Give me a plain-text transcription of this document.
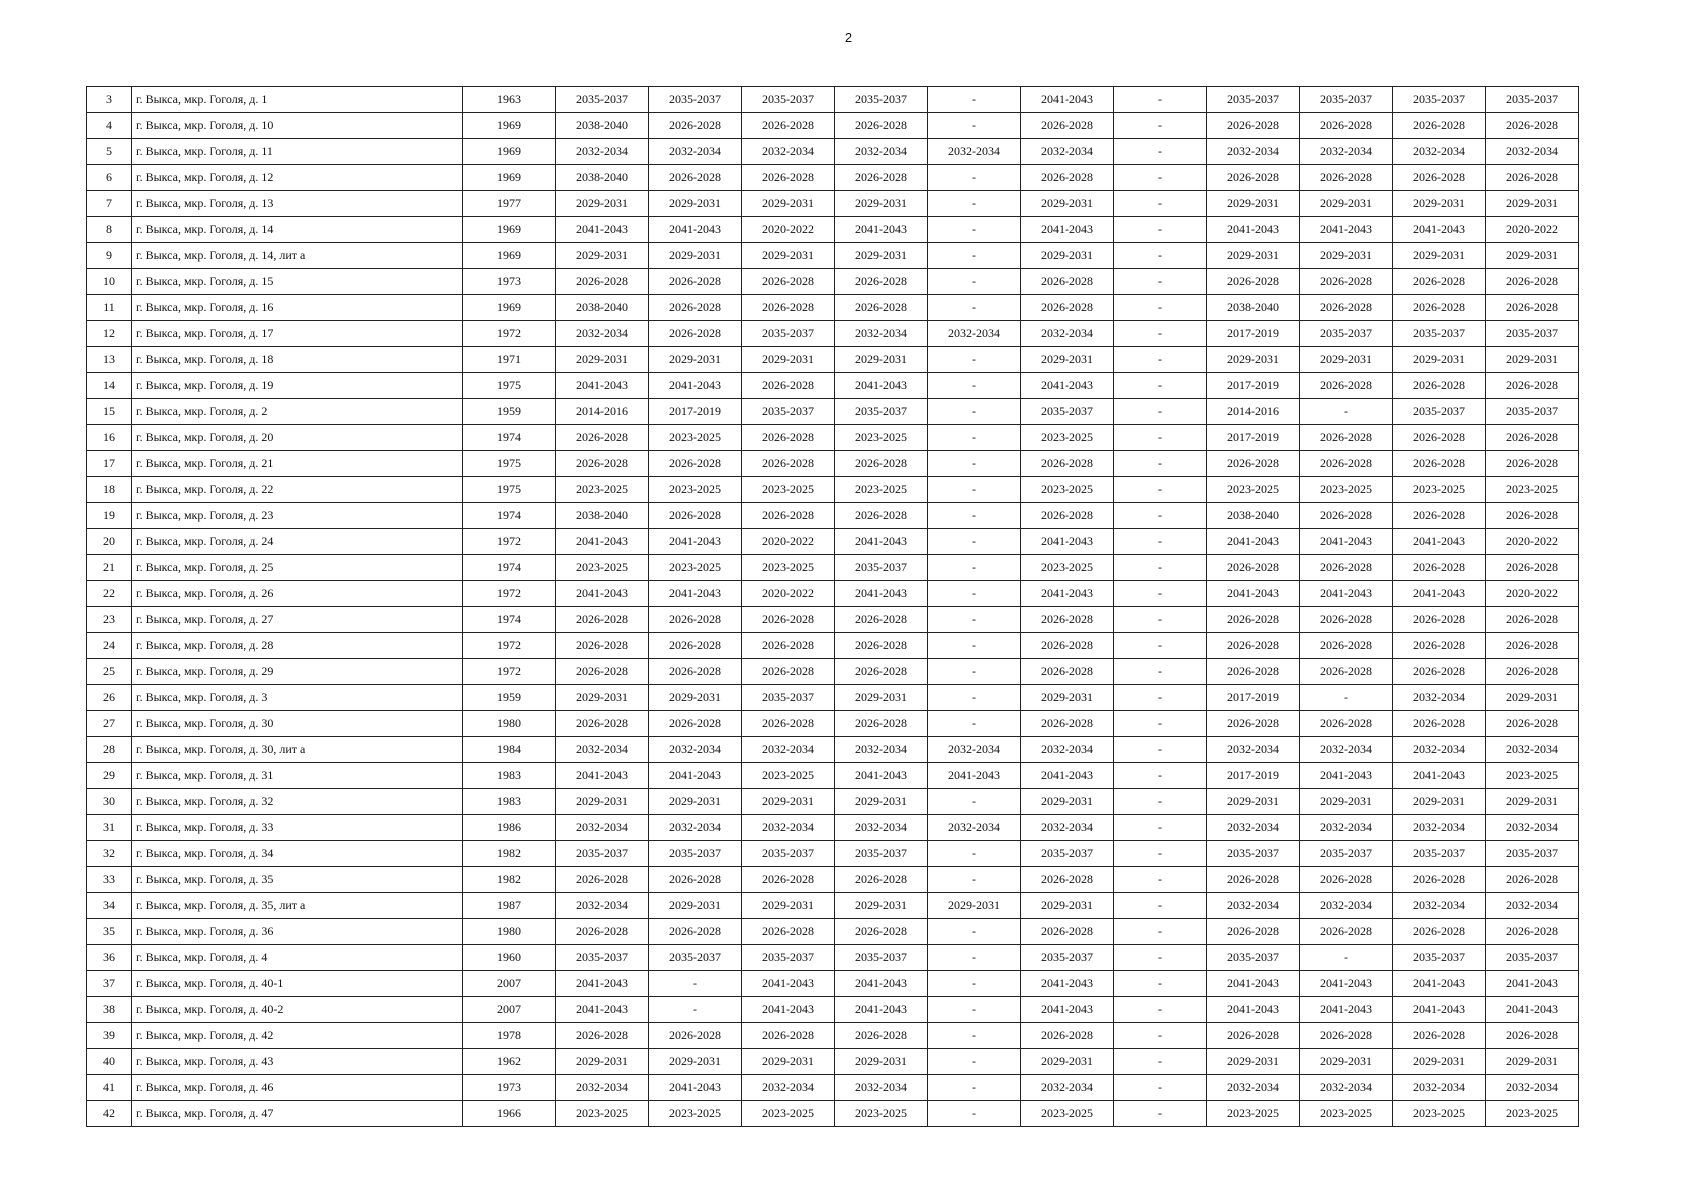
2
3	г. Выкса, мкр. Гоголя, д. 1	1963	2035-2037	2035-2037	2035-2037	2035-2037	-	2041-2043	-	2035-2037	2035-2037	2035-2037	2035-2037
4	г. Выкса, мкр. Гоголя, д. 10	1969	2038-2040	2026-2028	2026-2028	2026-2028	-	2026-2028	-	2026-2028	2026-2028	2026-2028	2026-2028
5	г. Выкса, мкр. Гоголя, д. 11	1969	2032-2034	2032-2034	2032-2034	2032-2034	2032-2034	2032-2034	-	2032-2034	2032-2034	2032-2034	2032-2034
6	г. Выкса, мкр. Гоголя, д. 12	1969	2038-2040	2026-2028	2026-2028	2026-2028	-	2026-2028	-	2026-2028	2026-2028	2026-2028	2026-2028
7	г. Выкса, мкр. Гоголя, д. 13	1977	2029-2031	2029-2031	2029-2031	2029-2031	-	2029-2031	-	2029-2031	2029-2031	2029-2031	2029-2031
8	г. Выкса, мкр. Гоголя, д. 14	1969	2041-2043	2041-2043	2020-2022	2041-2043	-	2041-2043	-	2041-2043	2041-2043	2041-2043	2020-2022
9	г. Выкса, мкр. Гоголя, д. 14, лит а	1969	2029-2031	2029-2031	2029-2031	2029-2031	-	2029-2031	-	2029-2031	2029-2031	2029-2031	2029-2031
10	г. Выкса, мкр. Гоголя, д. 15	1973	2026-2028	2026-2028	2026-2028	2026-2028	-	2026-2028	-	2026-2028	2026-2028	2026-2028	2026-2028
11	г. Выкса, мкр. Гоголя, д. 16	1969	2038-2040	2026-2028	2026-2028	2026-2028	-	2026-2028	-	2038-2040	2026-2028	2026-2028	2026-2028
12	г. Выкса, мкр. Гоголя, д. 17	1972	2032-2034	2026-2028	2035-2037	2032-2034	2032-2034	2032-2034	-	2017-2019	2035-2037	2035-2037	2035-2037
13	г. Выкса, мкр. Гоголя, д. 18	1971	2029-2031	2029-2031	2029-2031	2029-2031	-	2029-2031	-	2029-2031	2029-2031	2029-2031	2029-2031
14	г. Выкса, мкр. Гоголя, д. 19	1975	2041-2043	2041-2043	2026-2028	2041-2043	-	2041-2043	-	2017-2019	2026-2028	2026-2028	2026-2028
15	г. Выкса, мкр. Гоголя, д. 2	1959	2014-2016	2017-2019	2035-2037	2035-2037	-	2035-2037	-	2014-2016	-	2035-2037	2035-2037
16	г. Выкса, мкр. Гоголя, д. 20	1974	2026-2028	2023-2025	2026-2028	2023-2025	-	2023-2025	-	2017-2019	2026-2028	2026-2028	2026-2028
17	г. Выкса, мкр. Гоголя, д. 21	1975	2026-2028	2026-2028	2026-2028	2026-2028	-	2026-2028	-	2026-2028	2026-2028	2026-2028	2026-2028
18	г. Выкса, мкр. Гоголя, д. 22	1975	2023-2025	2023-2025	2023-2025	2023-2025	-	2023-2025	-	2023-2025	2023-2025	2023-2025	2023-2025
19	г. Выкса, мкр. Гоголя, д. 23	1974	2038-2040	2026-2028	2026-2028	2026-2028	-	2026-2028	-	2038-2040	2026-2028	2026-2028	2026-2028
20	г. Выкса, мкр. Гоголя, д. 24	1972	2041-2043	2041-2043	2020-2022	2041-2043	-	2041-2043	-	2041-2043	2041-2043	2041-2043	2020-2022
21	г. Выкса, мкр. Гоголя, д. 25	1974	2023-2025	2023-2025	2023-2025	2035-2037	-	2023-2025	-	2026-2028	2026-2028	2026-2028	2026-2028
22	г. Выкса, мкр. Гоголя, д. 26	1972	2041-2043	2041-2043	2020-2022	2041-2043	-	2041-2043	-	2041-2043	2041-2043	2041-2043	2020-2022
23	г. Выкса, мкр. Гоголя, д. 27	1974	2026-2028	2026-2028	2026-2028	2026-2028	-	2026-2028	-	2026-2028	2026-2028	2026-2028	2026-2028
24	г. Выкса, мкр. Гоголя, д. 28	1972	2026-2028	2026-2028	2026-2028	2026-2028	-	2026-2028	-	2026-2028	2026-2028	2026-2028	2026-2028
25	г. Выкса, мкр. Гоголя, д. 29	1972	2026-2028	2026-2028	2026-2028	2026-2028	-	2026-2028	-	2026-2028	2026-2028	2026-2028	2026-2028
26	г. Выкса, мкр. Гоголя, д. 3	1959	2029-2031	2029-2031	2035-2037	2029-2031	-	2029-2031	-	2017-2019	-	2032-2034	2029-2031
27	г. Выкса, мкр. Гоголя, д. 30	1980	2026-2028	2026-2028	2026-2028	2026-2028	-	2026-2028	-	2026-2028	2026-2028	2026-2028	2026-2028
28	г. Выкса, мкр. Гоголя, д. 30, лит а	1984	2032-2034	2032-2034	2032-2034	2032-2034	2032-2034	2032-2034	-	2032-2034	2032-2034	2032-2034	2032-2034
29	г. Выкса, мкр. Гоголя, д. 31	1983	2041-2043	2041-2043	2023-2025	2041-2043	2041-2043	2041-2043	-	2017-2019	2041-2043	2041-2043	2023-2025
30	г. Выкса, мкр. Гоголя, д. 32	1983	2029-2031	2029-2031	2029-2031	2029-2031	-	2029-2031	-	2029-2031	2029-2031	2029-2031	2029-2031
31	г. Выкса, мкр. Гоголя, д. 33	1986	2032-2034	2032-2034	2032-2034	2032-2034	2032-2034	2032-2034	-	2032-2034	2032-2034	2032-2034	2032-2034
32	г. Выкса, мкр. Гоголя, д. 34	1982	2035-2037	2035-2037	2035-2037	2035-2037	-	2035-2037	-	2035-2037	2035-2037	2035-2037	2035-2037
33	г. Выкса, мкр. Гоголя, д. 35	1982	2026-2028	2026-2028	2026-2028	2026-2028	-	2026-2028	-	2026-2028	2026-2028	2026-2028	2026-2028
34	г. Выкса, мкр. Гоголя, д. 35, лит а	1987	2032-2034	2029-2031	2029-2031	2029-2031	2029-2031	2029-2031	-	2032-2034	2032-2034	2032-2034	2032-2034
35	г. Выкса, мкр. Гоголя, д. 36	1980	2026-2028	2026-2028	2026-2028	2026-2028	-	2026-2028	-	2026-2028	2026-2028	2026-2028	2026-2028
36	г. Выкса, мкр. Гоголя, д. 4	1960	2035-2037	2035-2037	2035-2037	2035-2037	-	2035-2037	-	2035-2037	-	2035-2037	2035-2037
37	г. Выкса, мкр. Гоголя, д. 40-1	2007	2041-2043	-	2041-2043	2041-2043	-	2041-2043	-	2041-2043	2041-2043	2041-2043	2041-2043
38	г. Выкса, мкр. Гоголя, д. 40-2	2007	2041-2043	-	2041-2043	2041-2043	-	2041-2043	-	2041-2043	2041-2043	2041-2043	2041-2043
39	г. Выкса, мкр. Гоголя, д. 42	1978	2026-2028	2026-2028	2026-2028	2026-2028	-	2026-2028	-	2026-2028	2026-2028	2026-2028	2026-2028
40	г. Выкса, мкр. Гоголя, д. 43	1962	2029-2031	2029-2031	2029-2031	2029-2031	-	2029-2031	-	2029-2031	2029-2031	2029-2031	2029-2031
41	г. Выкса, мкр. Гоголя, д. 46	1973	2032-2034	2041-2043	2032-2034	2032-2034	-	2032-2034	-	2032-2034	2032-2034	2032-2034	2032-2034
42	г. Выкса, мкр. Гоголя, д. 47	1966	2023-2025	2023-2025	2023-2025	2023-2025	-	2023-2025	-	2023-2025	2023-2025	2023-2025	2023-2025
